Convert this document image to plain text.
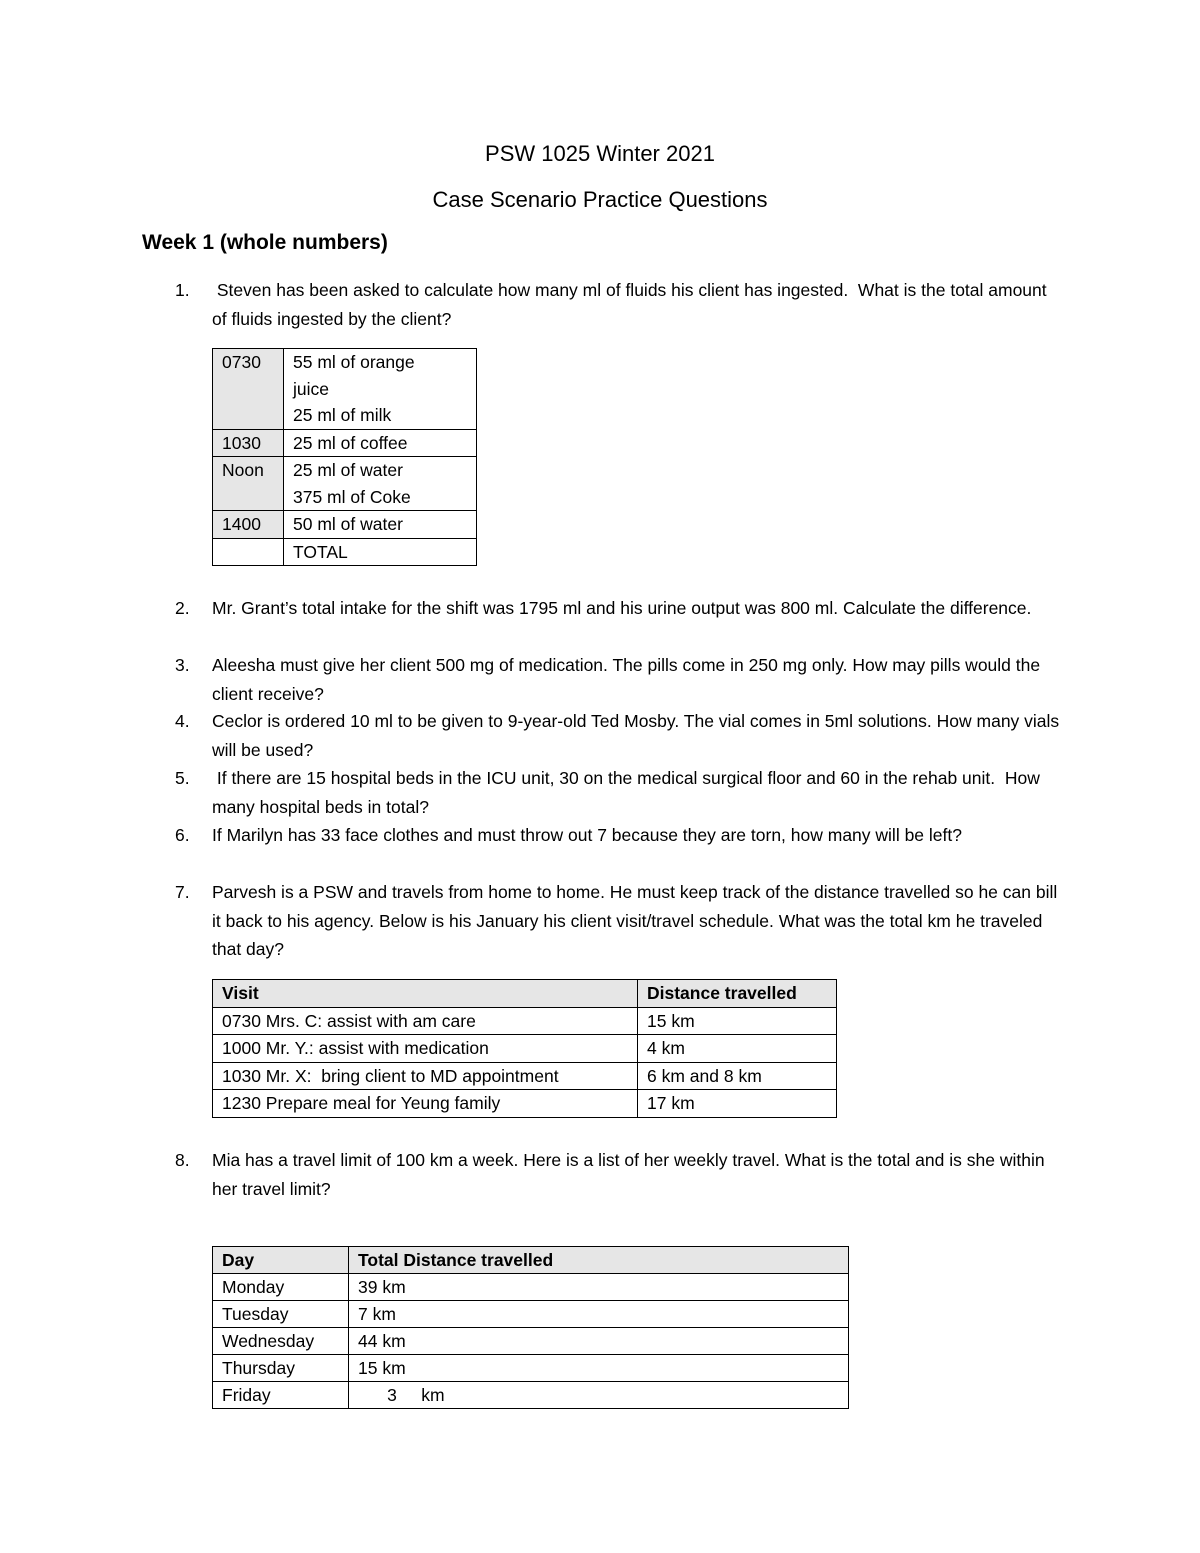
PSW 1025 Winter 2021
Case Scenario Practice Questions
Week 1 (whole numbers)
1.	Steven has been asked to calculate how many ml of fluids his client has ingested.  What is the total amount of fluids ingested by the client?
0730	55 ml of orange
juice
25 ml of milk

1030	25 ml of coffee

Noon	25 ml of water
375 ml of Coke

1400	50 ml of water

	TOTAL
2.	Mr. Grant’s total intake for the shift was 1795 ml and his urine output was 800 ml. Calculate the difference.
3.	Aleesha must give her client 500 mg of medication. The pills come in 250 mg only. How may pills would the client receive?
4.	Ceclor is ordered 10 ml to be given to 9-year-old Ted Mosby. The vial comes in 5ml solutions. How many vials will be used?
5.	If there are 15 hospital beds in the ICU unit, 30 on the medical surgical floor and 60 in the rehab unit.  How many hospital beds in total?
6.	If Marilyn has 33 face clothes and must throw out 7 because they are torn, how many will be left?
7.	Parvesh is a PSW and travels from home to home. He must keep track of the distance travelled so he can bill it back to his agency. Below is his January his client visit/travel schedule. What was the total km he traveled that day?
Visit	Distance travelled
0730 Mrs. C: assist with am care	15 km
1000 Mr. Y.: assist with medication	4 km
1030 Mr. X:  bring client to MD appointment	6 km and 8 km
1230 Prepare meal for Yeung family	17 km
8.	Mia has a travel limit of 100 km a week. Here is a list of her weekly travel. What is the total and is she within her travel limit?
Day	Total Distance travelled
Monday	39 km
Tuesday	7 km
Wednesday	44 km
Thursday	15 km
Friday	3     km
